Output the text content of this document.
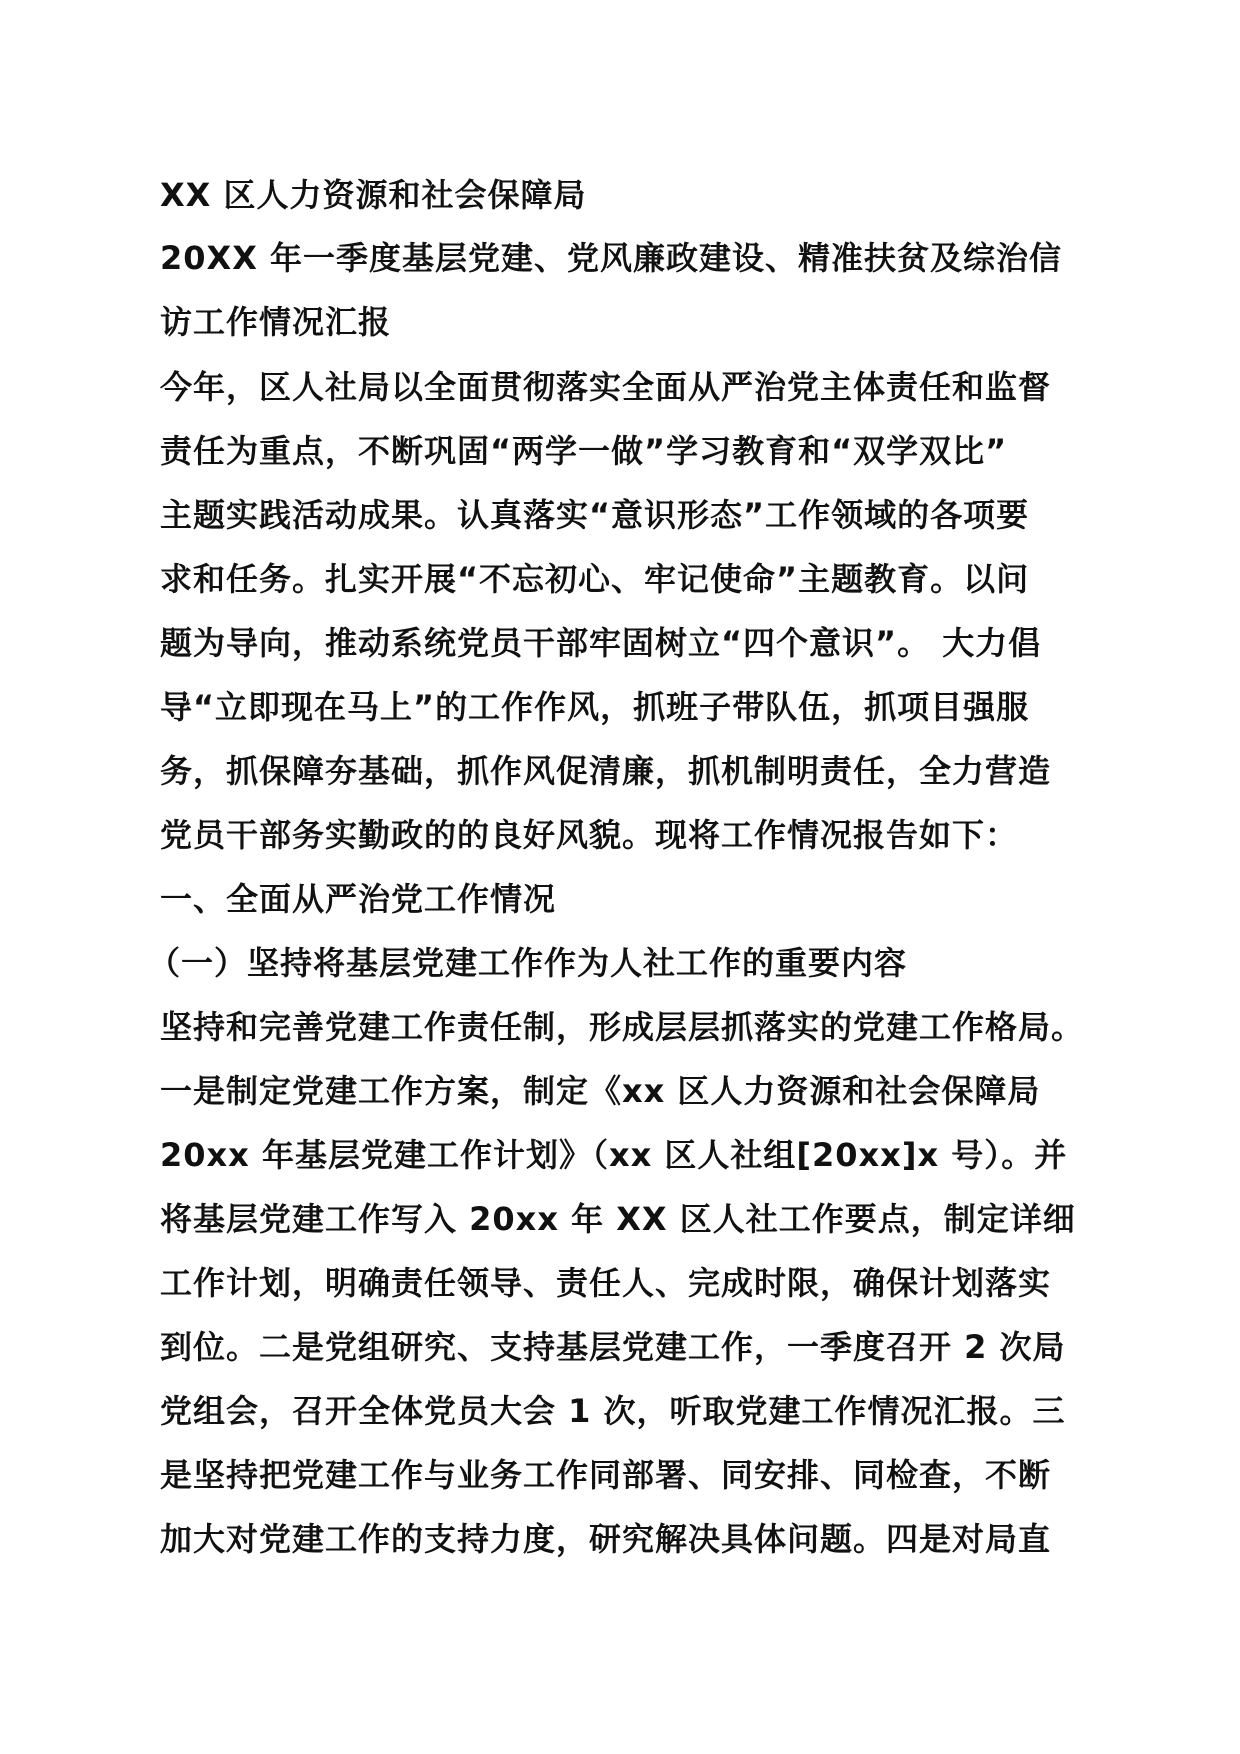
XX 区人力资源和社会保障局
20XX 年一季度基层党建、党风廉政建设、精准扶贫及综治信
访工作情况汇报
今年，区人社局以全面贯彻落实全面从严治党主体责任和监督
责任为重点，不断巩固“两学一做”学习教育和“双学双比”
主题实践活动成果。认真落实“意识形态”工作领域的各项要
求和任务。扎实开展“不忘初心、牢记使命”主题教育。以问
题为导向，推动系统党员干部牢固树立“四个意识”。 大力倡
导“立即现在马上”的工作作风，抓班子带队伍，抓项目强服
务，抓保障夯基础，抓作风促清廉，抓机制明责任，全力营造
党员干部务实勤政的的良好风貌。现将工作情况报告如下：
一、全面从严治党工作情况
（一）坚持将基层党建工作作为人社工作的重要内容
坚持和完善党建工作责任制，形成层层抓落实的党建工作格局。
一是制定党建工作方案，制定《xx 区人力资源和社会保障局
20xx 年基层党建工作计划》（xx 区人社组[20xx]x 号）。并
将基层党建工作写入 20xx 年 XX 区人社工作要点，制定详细
工作计划，明确责任领导、责任人、完成时限，确保计划落实
到位。二是党组研究、支持基层党建工作，一季度召开 2 次局
党组会，召开全体党员大会 1 次，听取党建工作情况汇报。三
是坚持把党建工作与业务工作同部署、同安排、同检查，不断
加大对党建工作的支持力度，研究解决具体问题。四是对局直
